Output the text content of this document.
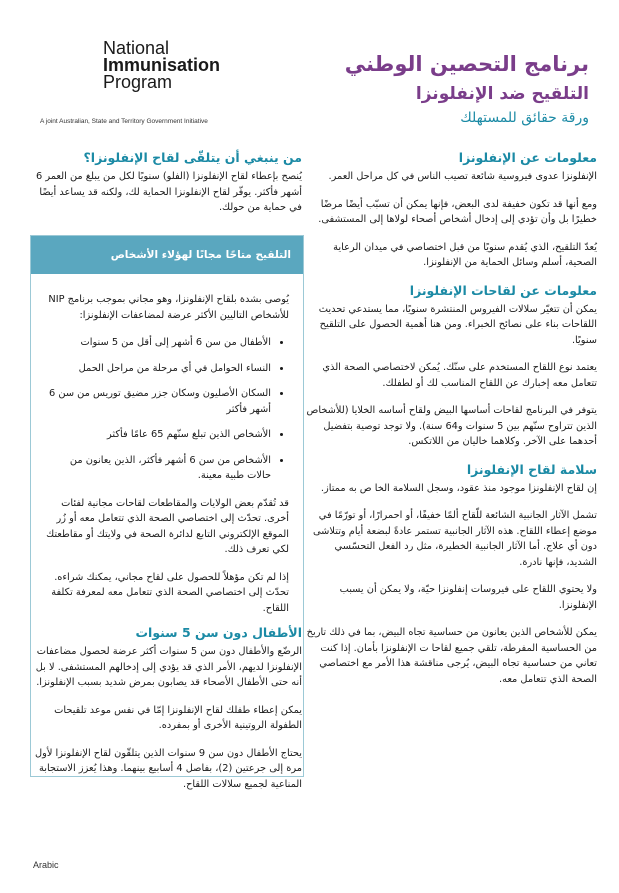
National
Immunisation
Program
A joint Australian, State and Territory Government Initiative
برنامج التحصين الوطني
التلقيح ضد الإنفلونزا
ورقة حقائق للمستهلك
معلومات عن الإنفلونزا

الإنفلونزا عدوى فيروسية شائعة تصيب الناس في كل مراحل العمر.

ومع أنها قد تكون خفيفة لدى البعض، فإنها يمكن أن تسبّب أيضًا مرضًا خطيرًا بل وأن تؤدي إلى إدخال أشخاص أصحاء لولاها إلى المستشفى.

يُعدّ التلقيح، الذي يُقدم سنويًا من قبل اختصاصي في ميدان الرعاية الصحية، أسلم وسائل الحماية من الإنفلونزا.

معلومات عن لقاحات الإنفلونزا

يمكن أن تتغيّر سلالات الفيروس المنتشرة سنويًا، مما يستدعي تحديث اللقاحات بناء على نصائح الخبراء. ومن هنا أهمية الحصول على التلقيح سنويًا.

يعتمد نوع اللقاح المستخدم على سنّك. يُمكن لاختصاصي الصحة الذي تتعامل معه إخبارك عن اللقاح المناسب لك أو لطفلك.

يتوفر في البرنامج لقاحات أساسها البيض ولقاح أساسه الخلايا (للأشخاص الذين تتراوح سنّهم بين 5 سنوات و64 سنة). ولا توجد توصية بتفضيل أحدهما على الآخر. وكلاهما خاليان من اللاتكس.

سلامة لقاح الإنفلونزا

إن لقاح الإنفلونزا موجود منذ عقود، وسجل السلامة الخا ص به ممتاز.

تشمل الآثار الجانبية الشائعة للّقاح ألمًا خفيفًا، أو احمرارًا، أو تورّمًا في موضع إعطاء اللقاح. هذه الآثار الجانبية تستمر عادةً لبضعة أيام وتتلاشى دون أي علاج. أما الآثار الجانبية الخطيرة، مثل رد الفعل التحسّسي الشديد، فإنها نادرة.

ولا يحتوي اللقاح على فيروسات إنفلونزا حيّة، ولا يمكن أن يسبب الإنفلونزا.

يمكن للأشخاص الذين يعانون من حساسية تجاه البيض، بما في ذلك تاريخ من الحساسية المفرطة، تلقي جميع لقاحا ت الإنفلونزا بأمان. إذا كنت تعاني من حساسية تجاه البيض، يُرجى مناقشة هذا الأمر مع اختصاصي الصحة الذي تتعامل معه.

من ينبغي أن يتلقّى لقاح الإنفلونزا؟

يُنصح بإعطاء لقاح الإنفلونزا (الفلو) سنويًا لكل من يبلغ من العمر 6 أشهر فأكثر. يوفّر لقاح الإنفلونزا الحماية لك، ولكنه قد يساعد أيضًا في حماية من حولك.

التلقيح متاحًا مجانًا لهؤلاء الأشخاص

يُوصى بشدة بلقاح الإنفلونزا، وهو مجاني بموجب برنامج NIP للأشخاص التاليين الأكثر عرضة لمضاعفات الإنفلونزا:

• الأطفال من سن 6 أشهر إلى أقل من 5 سنوات
• النساء الحوامل في أي مرحلة من مراحل الحمل
• السكان الأصليون وسكان جزر مضيق توريس من سن 6 أشهر فأكثر
• الأشخاص الذين تبلغ سنّهم 65 عامًا فأكثر
• الأشخاص من سن 6 أشهر فأكثر، الذين يعانون من حالات طبية معينة.

قد تُقدّم بعض الولايات والمقاطعات لقاحات مجانية لفئات أخرى. تحدّث إلى اختصاصي الصحة الذي تتعامل معه أو زُر الموقع الإلكتروني التابع لدائرة الصحة في ولايتك أو مقاطعتك لكي تعرف ذلك.

إذا لم تكن مؤهلاً للحصول على لقاح مجاني، يمكنك شراءه. تحدّث إلى اختصاصي الصحة الذي تتعامل معه لمعرفة تكلفة اللقاح.

الأطفال دون سن 5 سنوات

الرضّع والأطفال دون سن 5 سنوات أكثر عرضة لحصول مضاعفات الإنفلونزا لديهم، الأمر الذي قد يؤدي إلى إدخالهم المستشفى. لا بل أنه حتى الأطفال الأصحاء قد يصابون بمرض شديد بسبب الإنفلونزا.

يمكن إعطاء طفلك لقاح الإنفلونزا إمّا في نفس موعد تلقيحات الطفولة الروتينية الأخرى أو بمفرده.

يحتاج الأطفال دون سن 9 سنوات الذين يتلقّون لقاح الإنفلونزا لأول مرة إلى جرعتين (2)، بفاصل 4 أسابيع بينهما. وهذا يُعزز الاستجابة المناعية لجميع سلالات اللقاح.

Arabic
